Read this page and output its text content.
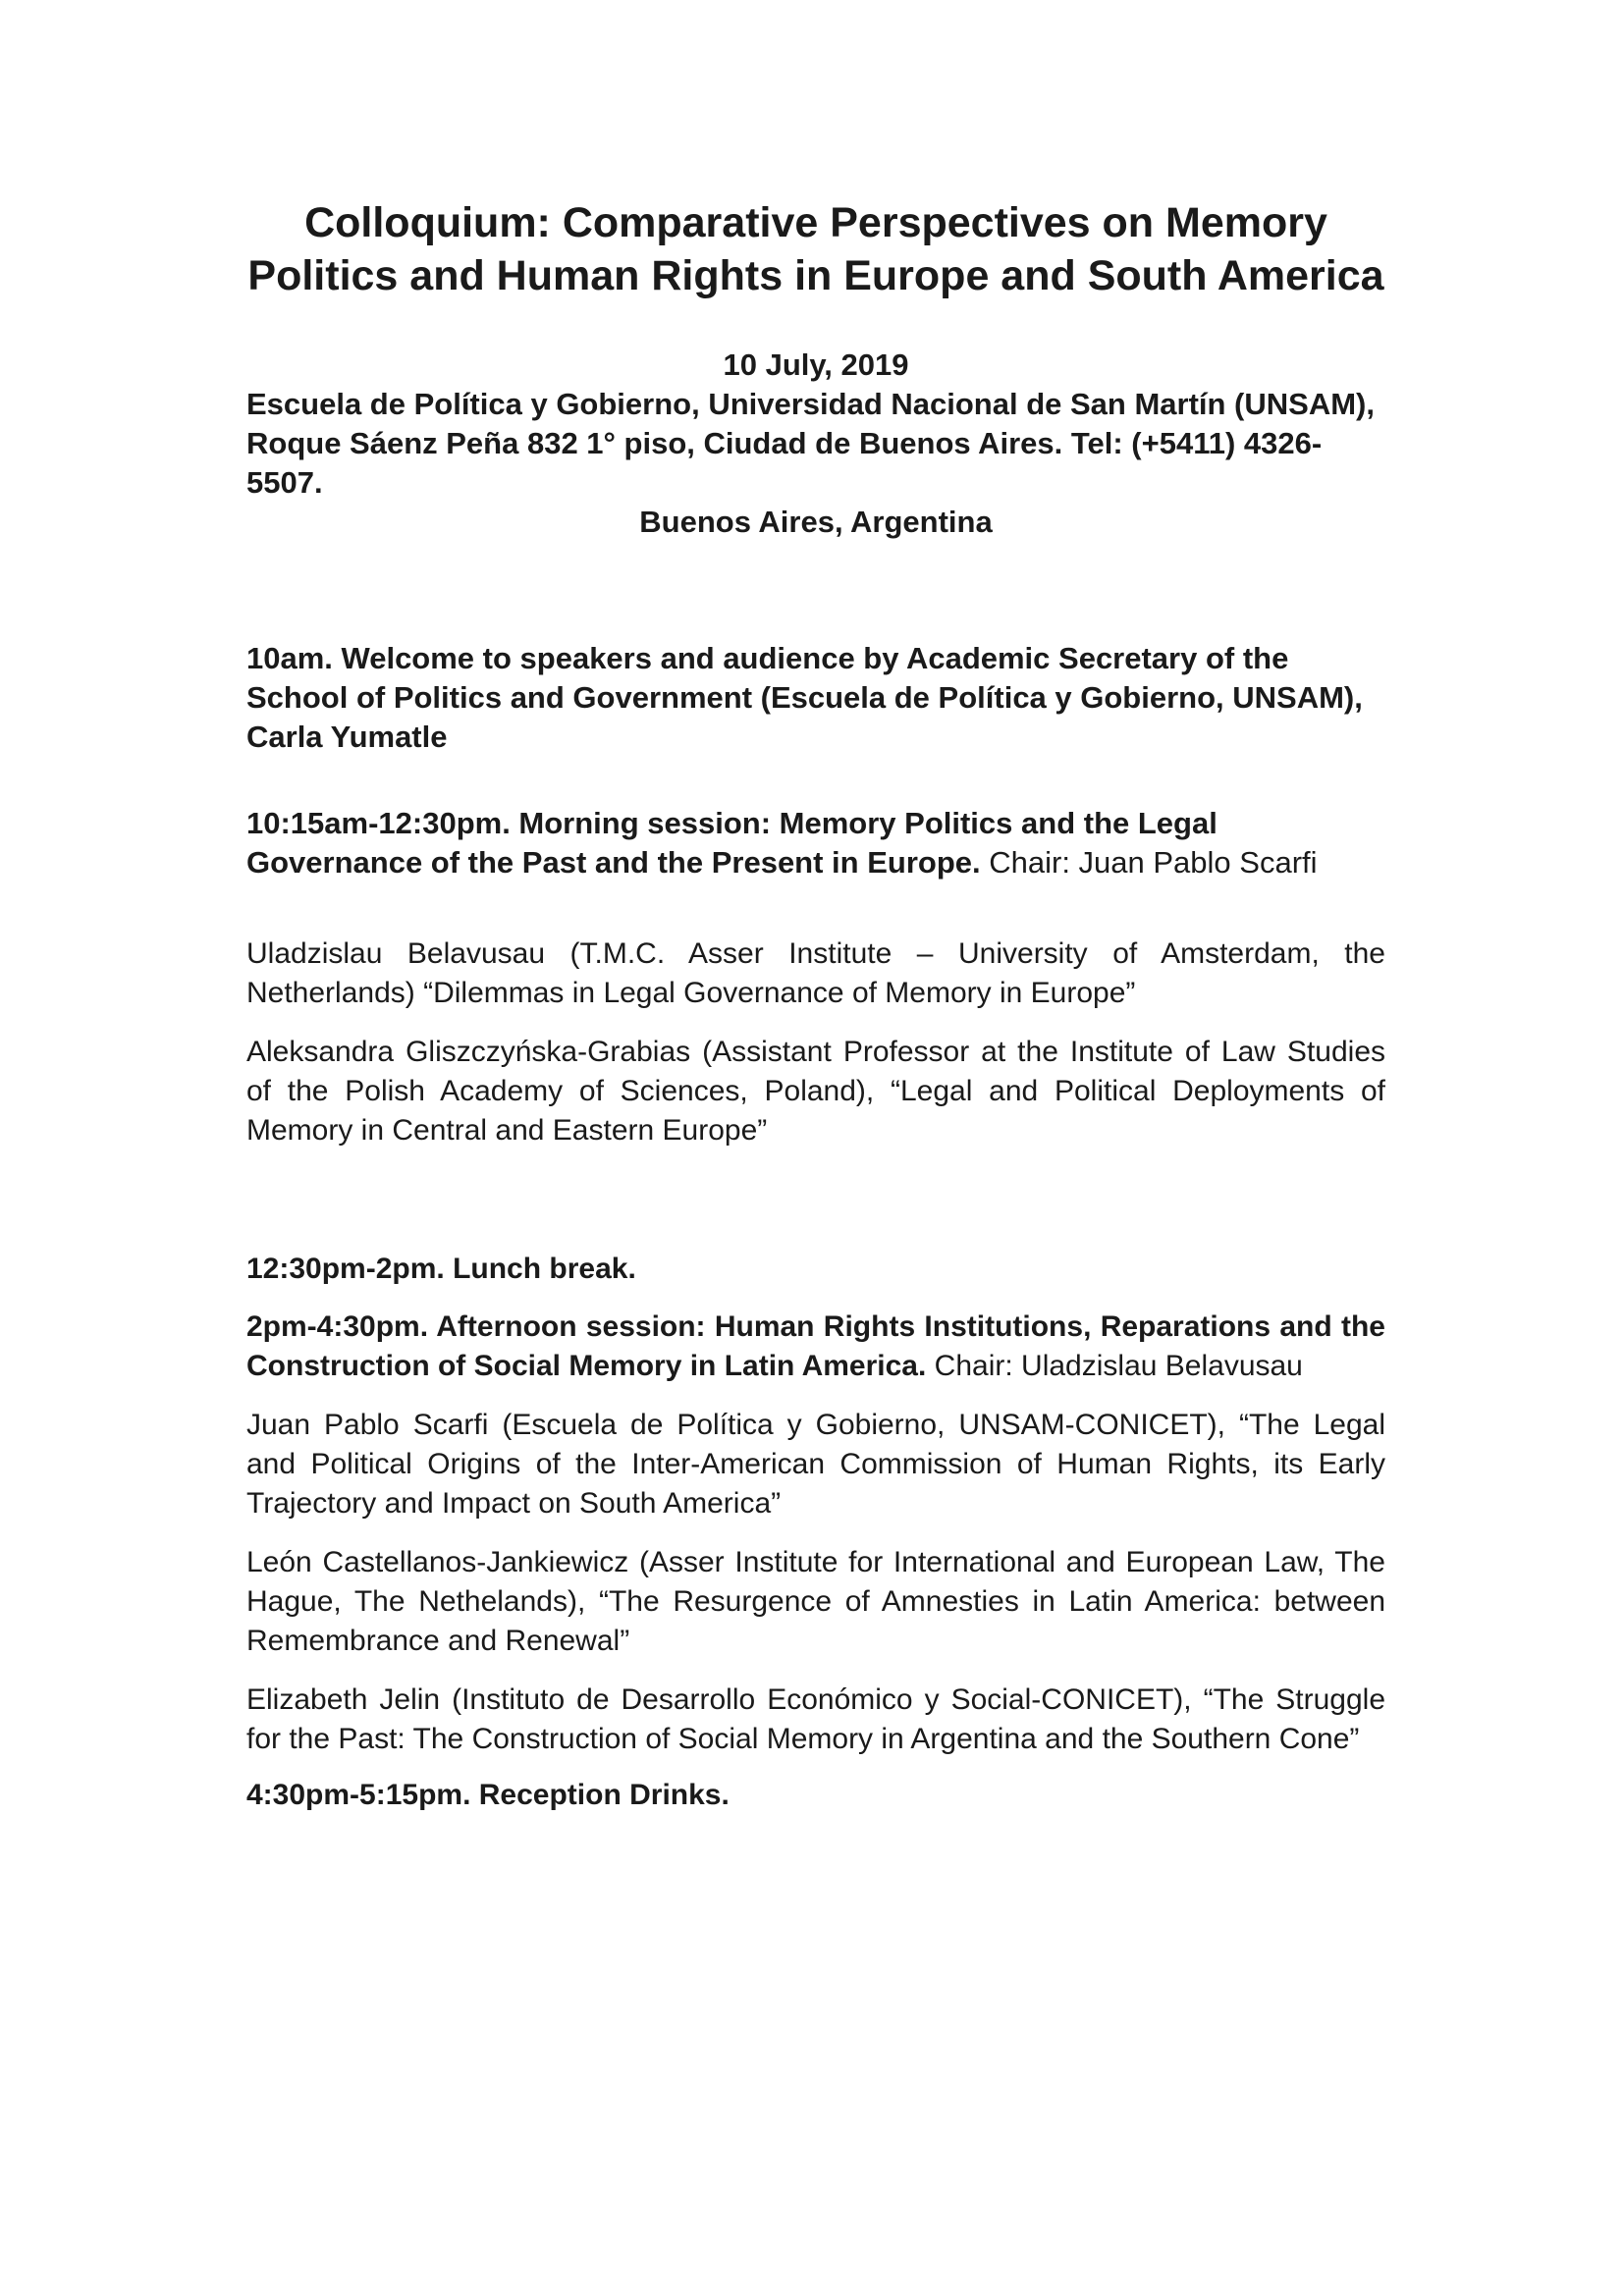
Colloquium: Comparative Perspectives on Memory
Politics and Human Rights in Europe and South America
10 July, 2019
Escuela de Política y Gobierno, Universidad Nacional de San Martín (UNSAM),
Roque Sáenz Peña 832 1° piso, Ciudad de Buenos Aires. Tel: (+5411) 4326-5507.
Buenos Aires, Argentina
10am. Welcome to speakers and audience by Academic Secretary of the School of Politics and Government (Escuela de Política y Gobierno, UNSAM), Carla Yumatle
10:15am-12:30pm. Morning session: Memory Politics and the Legal Governance of the Past and the Present in Europe. Chair: Juan Pablo Scarfi
Uladzislau Belavusau (T.M.C. Asser Institute – University of Amsterdam, the Netherlands) “Dilemmas in Legal Governance of Memory in Europe”
Aleksandra Gliszczyńska-Grabias (Assistant Professor at the Institute of Law Studies of the Polish Academy of Sciences, Poland), “Legal and Political Deployments of Memory in Central and Eastern Europe”
12:30pm-2pm. Lunch break.
2pm-4:30pm. Afternoon session: Human Rights Institutions, Reparations and the Construction of Social Memory in Latin America. Chair: Uladzislau Belavusau
Juan Pablo Scarfi (Escuela de Política y Gobierno, UNSAM-CONICET), “The Legal and Political Origins of the Inter-American Commission of Human Rights, its Early Trajectory and Impact on South America”
León Castellanos-Jankiewicz (Asser Institute for International and European Law, The Hague, The Nethelands), “The Resurgence of Amnesties in Latin America: between Remembrance and Renewal”
Elizabeth Jelin (Instituto de Desarrollo Económico y Social-CONICET), “The Struggle for the Past: The Construction of Social Memory in Argentina and the Southern Cone”
4:30pm-5:15pm. Reception Drinks.
